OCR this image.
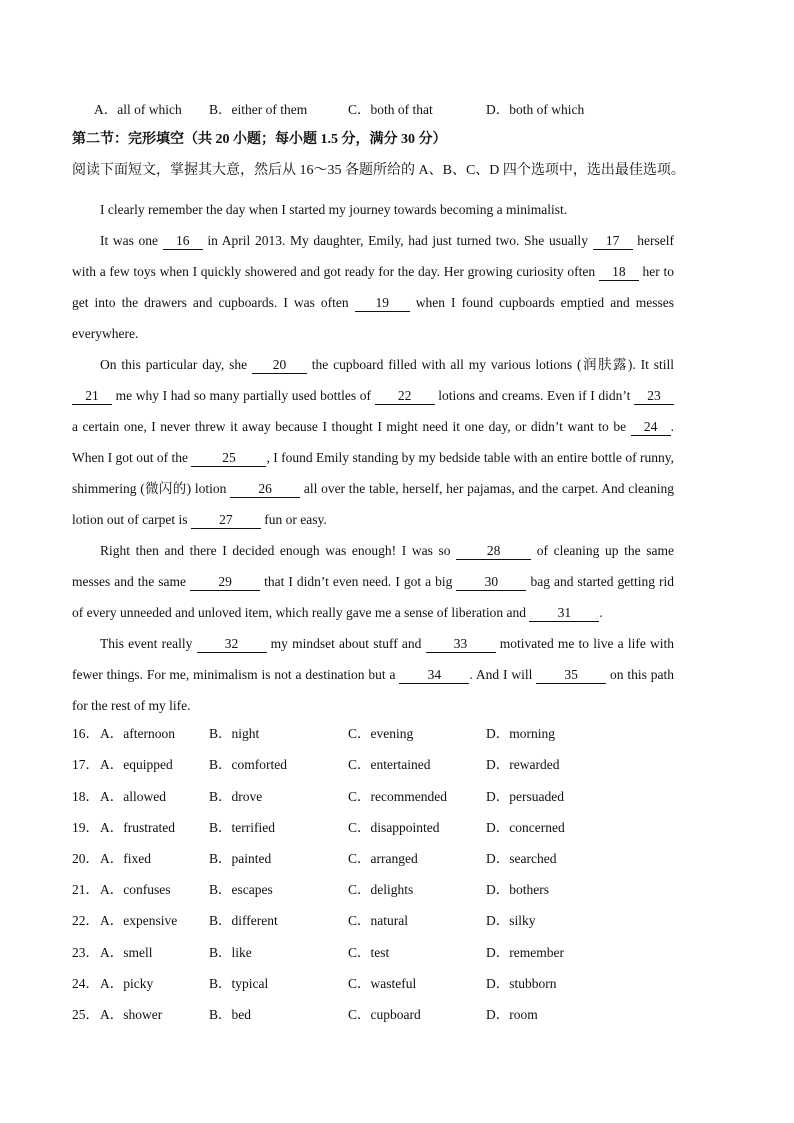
A．all of which B．either of them	C．both of that	D．both of which
第二节：完形填空（共 20 小题；每小题 1.5 分，满分 30 分）
阅读下面短文，掌握其大意，然后从 16～35 各题所给的 A、B、C、D 四个选项中，选出最佳选项。

I clearly remember the day when I started my journey towards becoming a minimalist.

It was one 16 in April 2013. My daughter, Emily, had just turned two. She usually 17 herself with a few toys when I quickly showered and got ready for the day. Her growing curiosity often 18 her to get into the drawers and cupboards. I was often 19 when I found cupboards emptied and messes everywhere.

On this particular day, she 20 the cupboard filled with all my various lotions (润肤露). It still 21 me why I had so many partially used bottles of 22 lotions and creams. Even if I didn’t 23 a certain one, I never threw it away because I thought I might need it one day, or didn’t want to be 24 . When I got out of the 25 , I found Emily standing by my bedside table with an entire bottle of runny, shimmering (微闪的) lotion 26 all over the table, herself, her pajamas, and the carpet. And cleaning lotion out of carpet is 27 fun or easy.

Right then and there I decided enough was enough! I was so 28 of cleaning up the same messes and the same 29 that I didn’t even need. I got a big 30 bag and started getting rid of every unneeded and unloved item, which really gave me a sense of liberation and 31 .

This event really 32 my mindset about stuff and 33 motivated me to live a life with fewer things. For me, minimalism is not a destination but a 34 . And I will 35 on this path for the rest of my life.

16． A．afternoon	B．night	C．evening	D．morning
17． A．equipped	B．comforted	C．entertained	D．rewarded
18． A．allowed	B．drove	C．recommended	D．persuaded
19． A．frustrated	B．terrified	C．disappointed	D．concerned
20． A．fixed	B．painted	C．arranged	D．searched
21． A．confuses	B．escapes	C．delights	D．bothers
22． A．expensive B．different	C．natural	D．silky
23． A．smell	B．like	C．test	D．remember
24． A．picky	B．typical	C．wasteful	D．stubborn
25． A．shower	B．bed	C．cupboard	D．room
